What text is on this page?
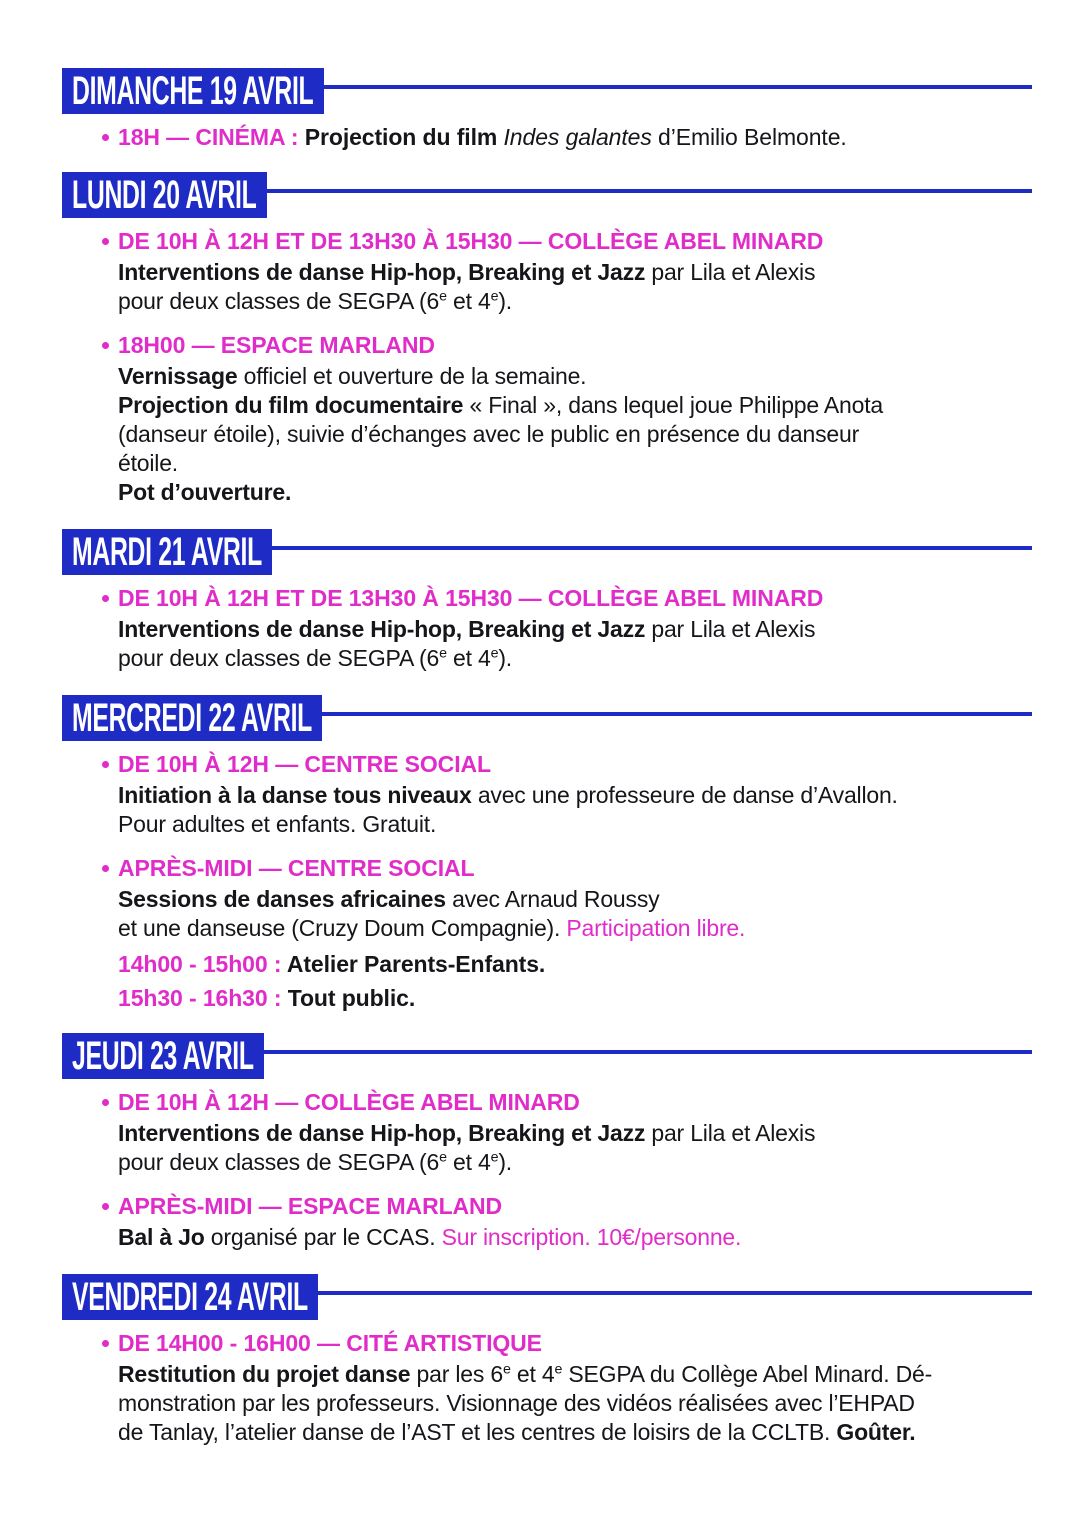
DIMANCHE 19 AVRIL

18H — CINÉMA : Projection du film Indes galantes d’Emilio Belmonte.

LUNDI 20 AVRIL

DE 10H À 12H ET DE 13H30 À 15H30 — COLLÈGE ABEL MINARD

Interventions de danse Hip-hop, Breaking et Jazz par Lila et Alexis
pour deux classes de SEGPA (6e et 4e).

18H00 — ESPACE MARLAND

Vernissage officiel et ouverture de la semaine.
Projection du film documentaire « Final », dans lequel joue Philippe Anota
(danseur étoile), suivie d’échanges avec le public en présence du danseur
étoile.
Pot d’ouverture.

MARDI 21 AVRIL

DE 10H À 12H ET DE 13H30 À 15H30 — COLLÈGE ABEL MINARD

Interventions de danse Hip-hop, Breaking et Jazz par Lila et Alexis
pour deux classes de SEGPA (6e et 4e).

MERCREDI 22 AVRIL

DE 10H À 12H — CENTRE SOCIAL

Initiation à la danse tous niveaux avec une professeure de danse d’Avallon.
Pour adultes et enfants. Gratuit.

APRÈS-MIDI — CENTRE SOCIAL

Sessions de danses africaines avec Arnaud Roussy
et une danseuse (Cruzy Doum Compagnie). Participation libre.

14h00 - 15h00 : Atelier Parents-Enfants.

15h30 - 16h30 : Tout public.

JEUDI 23 AVRIL

DE 10H À 12H — COLLÈGE ABEL MINARD

Interventions de danse Hip-hop, Breaking et Jazz par Lila et Alexis
pour deux classes de SEGPA (6e et 4e).

APRÈS-MIDI — ESPACE MARLAND

Bal à Jo organisé par le CCAS. Sur inscription. 10€/personne.

VENDREDI 24 AVRIL

DE 14H00 - 16H00 — CITÉ ARTISTIQUE

Restitution du projet danse par les 6e et 4e SEGPA du Collège Abel Minard. Dé-
monstration par les professeurs. Visionnage des vidéos réalisées avec l’EHPAD
de Tanlay, l’atelier danse de l’AST et les centres de loisirs de la CCLTB. Goûter.
